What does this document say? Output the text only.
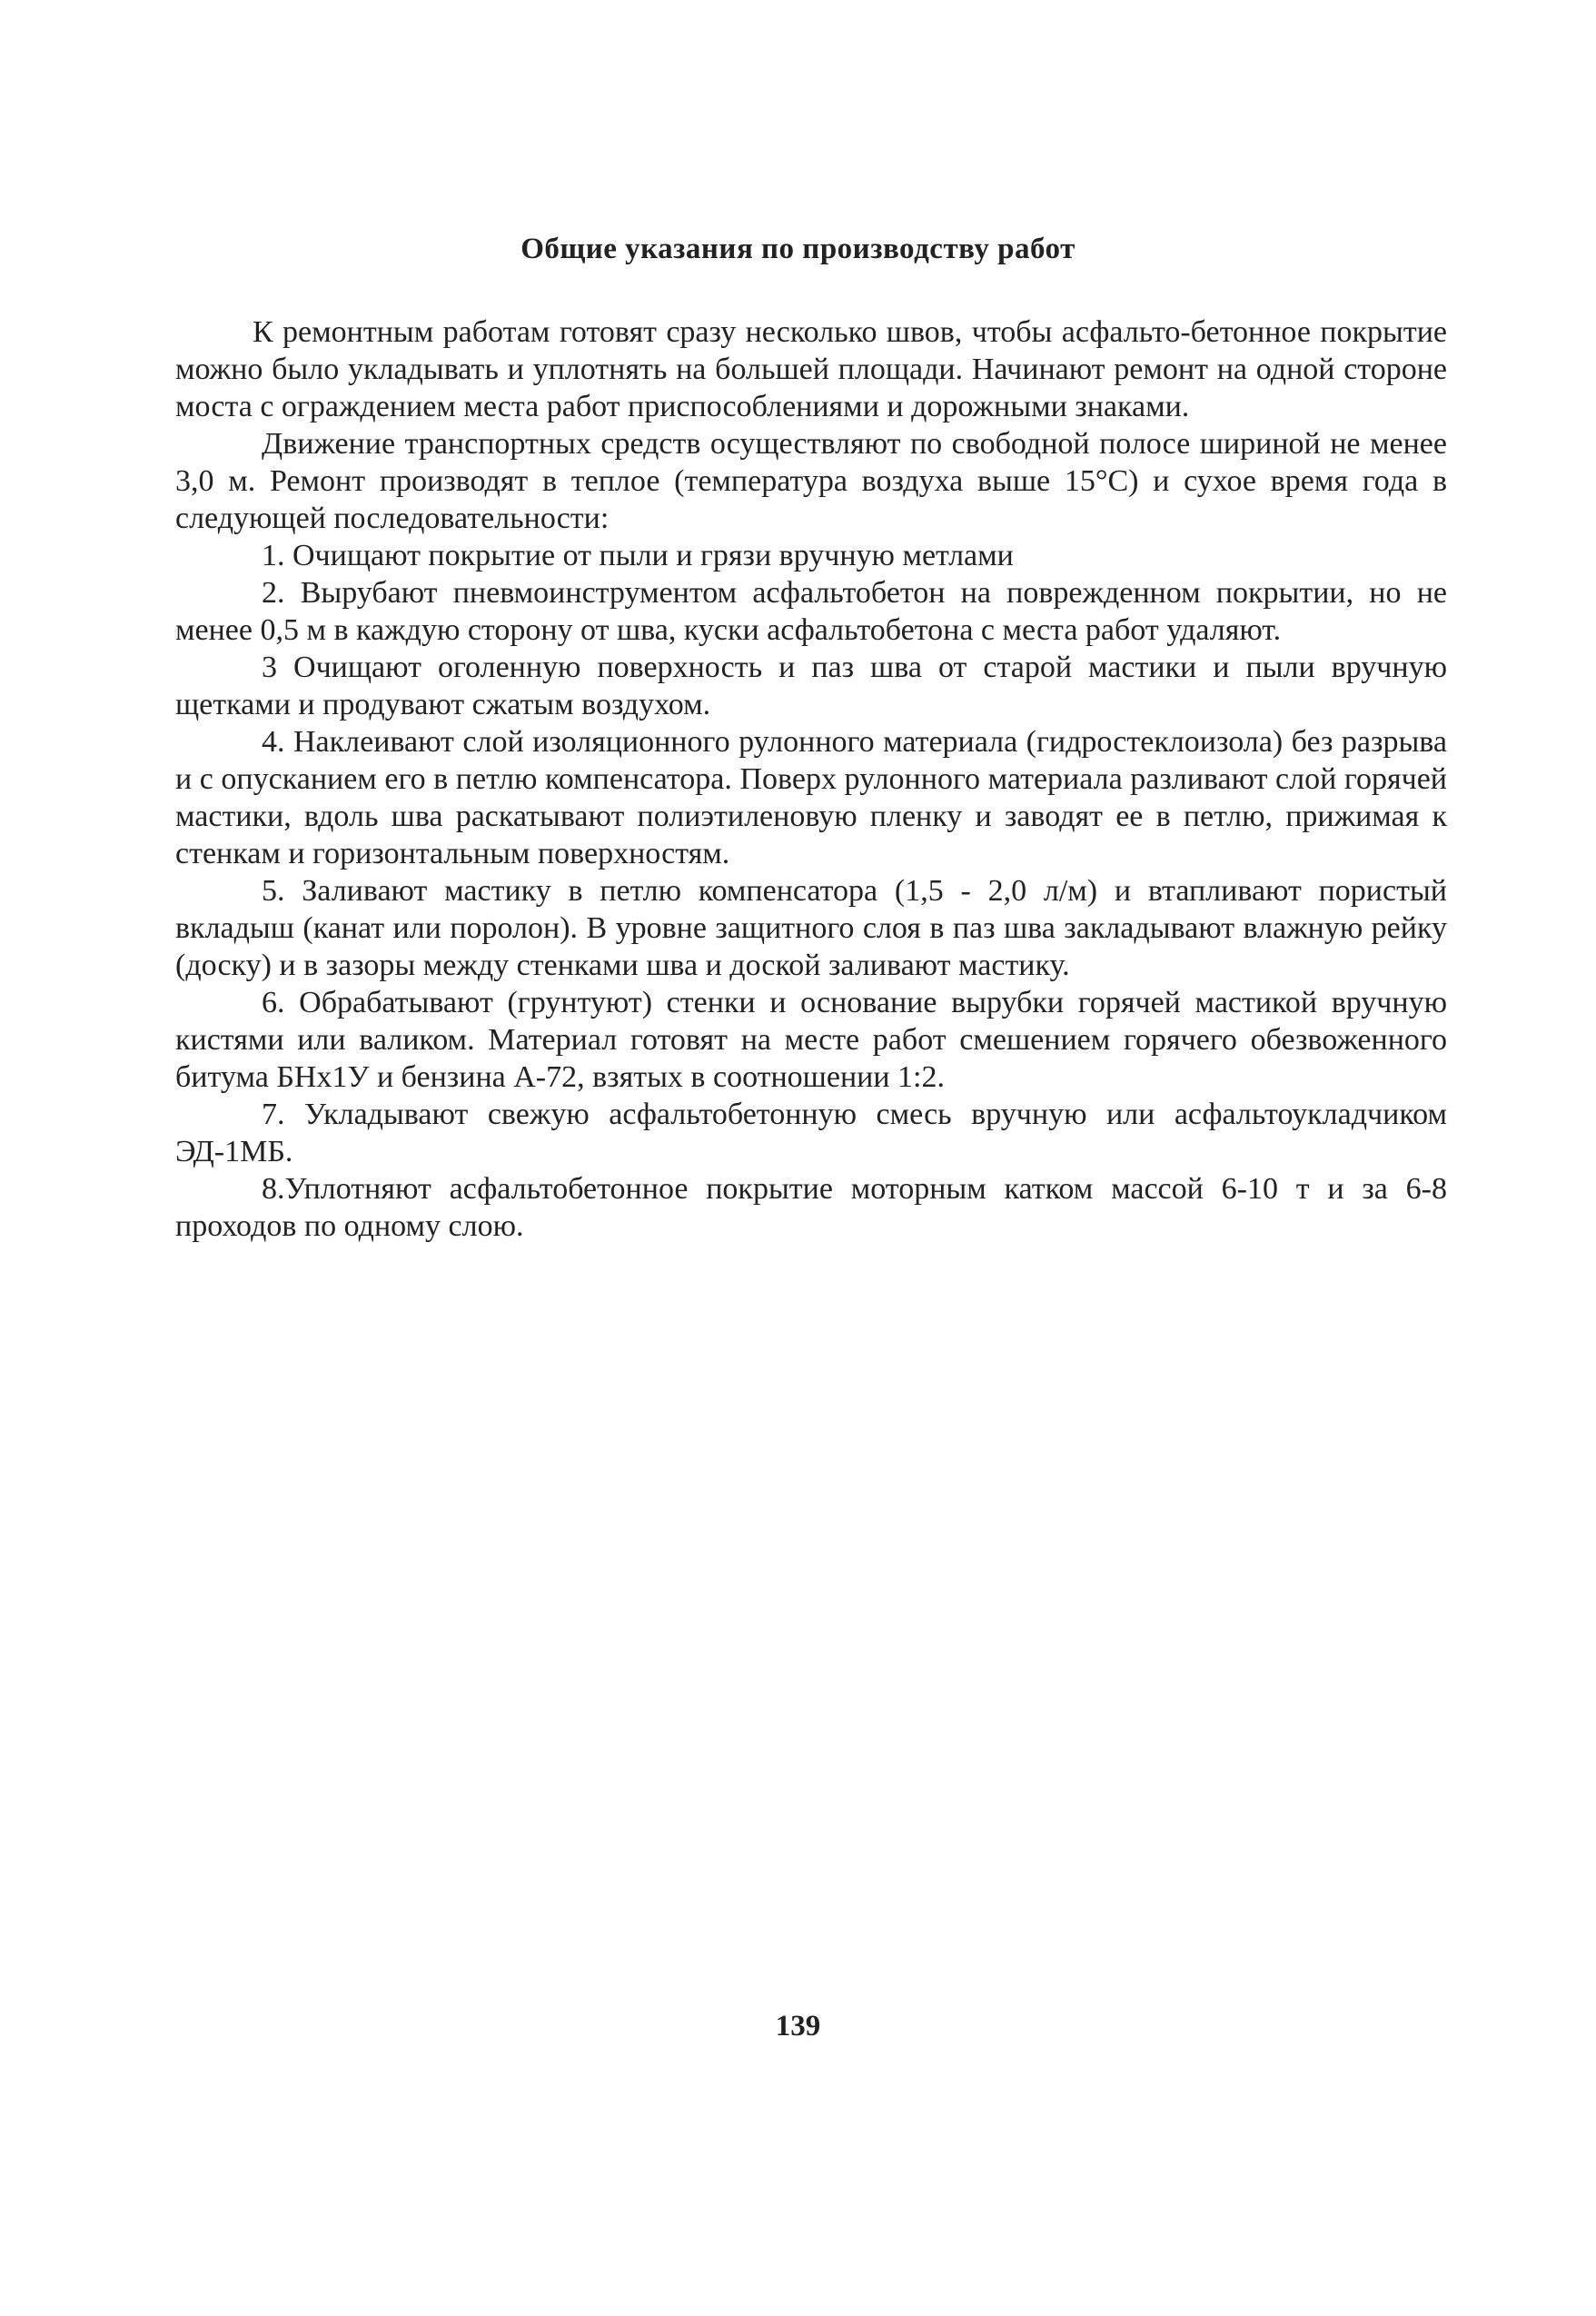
Общие указания по производству работ

К ремонтным работам готовят сразу несколько швов, чтобы асфальто-бетонное покрытие можно было укладывать и уплотнять на большей площади. Начинают ремонт на одной стороне моста с ограждением места работ приспособлениями и дорожными знаками.

Движение транспортных средств осуществляют по свободной полосе шириной не менее 3,0 м. Ремонт производят в теплое (температура воздуха выше 15°С) и сухое время года в следующей последовательности:

1. Очищают покрытие от пыли и грязи вручную метлами

2. Вырубают пневмоинструментом асфальтобетон на поврежденном покрытии, но не менее 0,5 м в каждую сторону от шва, куски асфальтобетона с места работ удаляют.

3 Очищают оголенную поверхность и паз шва от старой мастики и пыли вручную щетками и продувают сжатым воздухом.

4. Наклеивают слой изоляционного рулонного материала (гидростеклоизола) без разрыва и с опусканием его в петлю компенсатора. Поверх рулонного материала разливают слой горячей мастики, вдоль шва раскатывают полиэтиленовую пленку и заводят ее в петлю, прижимая к стенкам и горизонтальным поверхностям.

5. Заливают мастику в петлю компенсатора (1,5 - 2,0 л/м) и втапливают пористый вкладыш (канат или поролон). В уровне защитного слоя в паз шва закладывают влажную рейку (доску) и в зазоры между стенками шва и доской заливают мастику.

6. Обрабатывают (грунтуют) стенки и основание вырубки горячей мастикой вручную кистями или валиком. Материал готовят на месте работ смешением горячего обезвоженного битума БНх1У и бензина А-72, взятых в соотношении 1:2.

7. Укладывают свежую асфальтобетонную смесь вручную или асфальтоукладчиком ЭД-1МБ.

8.Уплотняют асфальтобетонное покрытие моторным катком массой 6-10 т и за 6-8 проходов по одному слою.

139
